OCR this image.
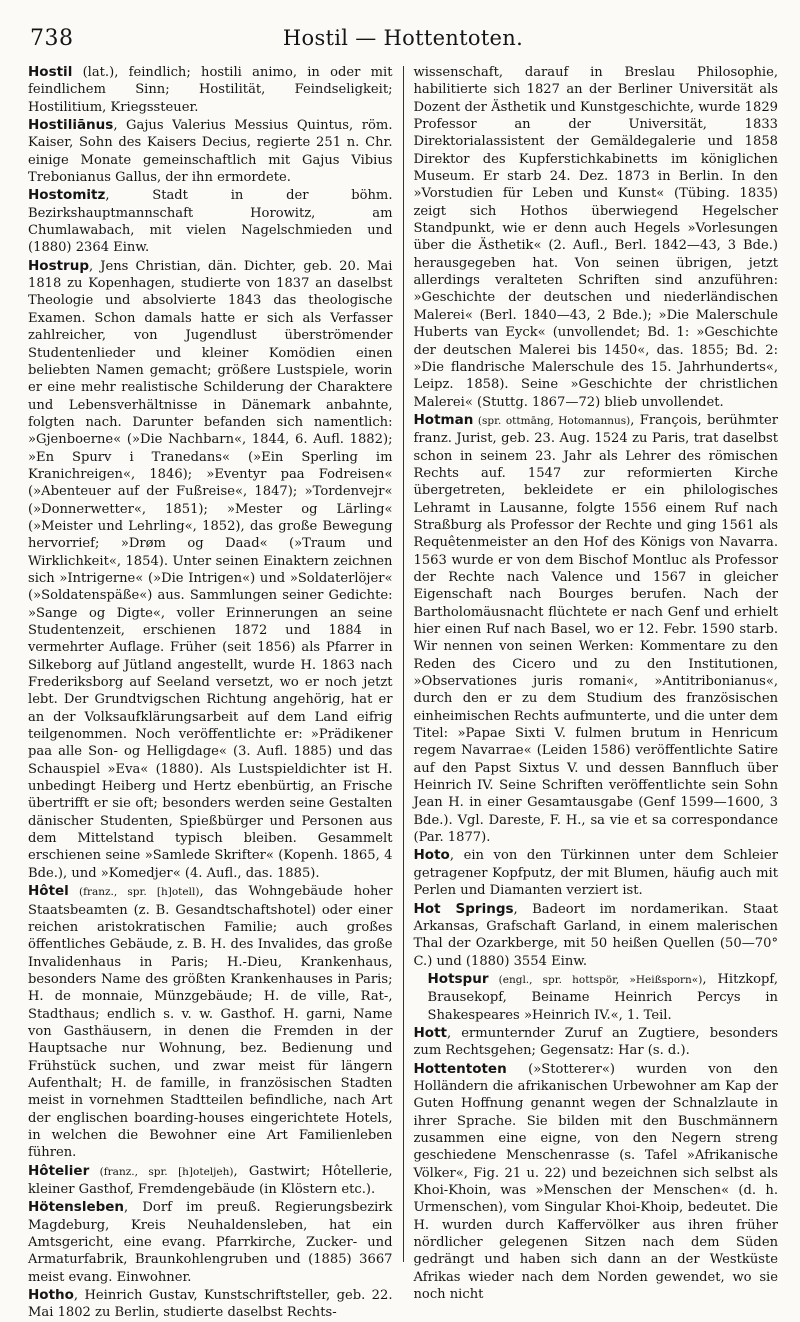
738	Hostil — Hottentoten.

Hostil (lat.), feindlich; hostili animo, in oder mit feindlichem Sinn; Hostilität, Feindseligkeit; Hostilitium, Kriegssteuer.

Hostiliānus, Gajus Valerius Messius Quintus, röm. Kaiser, Sohn des Kaisers Decius, regierte 251 n. Chr. einige Monate gemeinschaftlich mit Gajus Vibius Trebonianus Gallus, der ihn ermordete.

Hostomitz, Stadt in der böhm. Bezirkshauptmannschaft Horowitz, am Chumlawabach, mit vielen Nagelschmieden und (1880) 2364 Einw.

Hostrup, Jens Christian, dän. Dichter, geb. 20. Mai 1818 zu Kopenhagen, studierte von 1837 an daselbst Theologie und absolvierte 1843 das theologische Examen. Schon damals hatte er sich als Verfasser zahlreicher, von Jugendlust überströmender Studentenlieder und kleiner Komödien einen beliebten Namen gemacht; größere Lustspiele, worin er eine mehr realistische Schilderung der Charaktere und Lebensverhältnisse in Dänemark anbahnte, folgten nach. Darunter befanden sich namentlich: »Gjenboerne« (»Die Nachbarn«, 1844, 6. Aufl. 1882); »En Spurv i Tranedans« (»Ein Sperling im Kranichreigen«, 1846); »Eventyr paa Fodreisen« (»Abenteuer auf der Fußreise«, 1847); »Tordenvejr« (»Donnerwetter«, 1851); »Mester og Lärling« (»Meister und Lehrling«, 1852), das große Bewegung hervorrief; »Drøm og Daad« (»Traum und Wirklichkeit«, 1854). Unter seinen Einaktern zeichnen sich »Intrigerne« (»Die Intrigen«) und »Soldaterlöjer« (»Soldatenspäße«) aus. Sammlungen seiner Gedichte: »Sange og Digte«, voller Erinnerungen an seine Studentenzeit, erschienen 1872 und 1884 in vermehrter Auflage. Früher (seit 1856) als Pfarrer in Silkeborg auf Jütland angestellt, wurde H. 1863 nach Frederiksborg auf Seeland versetzt, wo er noch jetzt lebt. Der Grundtvigschen Richtung angehörig, hat er an der Volksaufklärungsarbeit auf dem Land eifrig teilgenommen. Noch veröffentlichte er: »Prädikener paa alle Son- og Helligdage« (3. Aufl. 1885) und das Schauspiel »Eva« (1880). Als Lustspieldichter ist H. unbedingt Heiberg und Hertz ebenbürtig, an Frische übertrifft er sie oft; besonders werden seine Gestalten dänischer Studenten, Spießbürger und Personen aus dem Mittelstand typisch bleiben. Gesammelt erschienen seine »Samlede Skrifter« (Kopenh. 1865, 4 Bde.), und »Komedjer« (4. Aufl., das. 1885).

Hôtel (franz., spr. [h]otell), das Wohngebäude hoher Staatsbeamten (z. B. Gesandtschaftshotel) oder einer reichen aristokratischen Familie; auch großes öffentliches Gebäude, z. B. H. des Invalides, das große Invalidenhaus in Paris; H.-Dieu, Krankenhaus, besonders Name des größten Krankenhauses in Paris; H. de monnaie, Münzgebäude; H. de ville, Rat-, Stadthaus; endlich s. v. w. Gasthof. H. garni, Name von Gasthäusern, in denen die Fremden in der Hauptsache nur Wohnung, bez. Bedienung und Frühstück suchen, und zwar meist für längern Aufenthalt; H. de famille, in französischen Stadten meist in vornehmen Stadtteilen befindliche, nach Art der englischen boarding-houses eingerichtete Hotels, in welchen die Bewohner eine Art Familienleben führen.

Hôtelier (franz., spr. [h]oteljeh), Gastwirt; Hôtellerie, kleiner Gasthof, Fremdengebäude (in Klöstern etc.).

Hötensleben, Dorf im preuß. Regierungsbezirk Magdeburg, Kreis Neuhaldensleben, hat ein Amtsgericht, eine evang. Pfarrkirche, Zucker- und Armaturfabrik, Braunkohlengruben und (1885) 3667 meist evang. Einwohner.

Hotho, Heinrich Gustav, Kunstschriftsteller, geb. 22. Mai 1802 zu Berlin, studierte daselbst Rechts-

wissenschaft, darauf in Breslau Philosophie, habilitierte sich 1827 an der Berliner Universität als Dozent der Ästhetik und Kunstgeschichte, wurde 1829 Professor an der Universität, 1833 Direktorialassistent der Gemäldegalerie und 1858 Direktor des Kupferstichkabinetts im königlichen Museum. Er starb 24. Dez. 1873 in Berlin. In den »Vorstudien für Leben und Kunst« (Tübing. 1835) zeigt sich Hothos überwiegend Hegelscher Standpunkt, wie er denn auch Hegels »Vorlesungen über die Ästhetik« (2. Aufl., Berl. 1842—43, 3 Bde.) herausgegeben hat. Von seinen übrigen, jetzt allerdings veralteten Schriften sind anzuführen: »Geschichte der deutschen und niederländischen Malerei« (Berl. 1840—43, 2 Bde.); »Die Malerschule Huberts van Eyck« (unvollendet; Bd. 1: »Geschichte der deutschen Malerei bis 1450«, das. 1855; Bd. 2: »Die flandrische Malerschule des 15. Jahrhunderts«, Leipz. 1858). Seine »Geschichte der christlichen Malerei« (Stuttg. 1867—72) blieb unvollendet.

Hotman (spr. ottmāng, Hotomannus), François, berühmter franz. Jurist, geb. 23. Aug. 1524 zu Paris, trat daselbst schon in seinem 23. Jahr als Lehrer des römischen Rechts auf. 1547 zur reformierten Kirche übergetreten, bekleidete er ein philologisches Lehramt in Lausanne, folgte 1556 einem Ruf nach Straßburg als Professor der Rechte und ging 1561 als Requêtenmeister an den Hof des Königs von Navarra. 1563 wurde er von dem Bischof Montluc als Professor der Rechte nach Valence und 1567 in gleicher Eigenschaft nach Bourges berufen. Nach der Bartholomäusnacht flüchtete er nach Genf und erhielt hier einen Ruf nach Basel, wo er 12. Febr. 1590 starb. Wir nennen von seinen Werken: Kommentare zu den Reden des Cicero und zu den Institutionen, »Observationes juris romani«, »Antitribonianus«, durch den er zu dem Studium des französischen einheimischen Rechts aufmunterte, und die unter dem Titel: »Papae Sixti V. fulmen brutum in Henricum regem Navarrae« (Leiden 1586) veröffentlichte Satire auf den Papst Sixtus V. und dessen Bannfluch über Heinrich IV. Seine Schriften veröffentlichte sein Sohn Jean H. in einer Gesamtausgabe (Genf 1599—1600, 3 Bde.). Vgl. Dareste, F. H., sa vie et sa correspondance (Par. 1877).

Hoto, ein von den Türkinnen unter dem Schleier getragener Kopfputz, der mit Blumen, häufig auch mit Perlen und Diamanten verziert ist.

Hot Springs, Badeort im nordamerikan. Staat Arkansas, Grafschaft Garland, in einem malerischen Thal der Ozarkberge, mit 50 heißen Quellen (50—70° C.) und (1880) 3554 Einw.

Hotspur (engl., spr. hottspör, »Heißsporn«), Hitzkopf, Brausekopf, Beiname Heinrich Percys in Shakespeares »Heinrich IV.«, 1. Teil.

Hott, ermunternder Zuruf an Zugtiere, besonders zum Rechtsgehen; Gegensatz: Har (s. d.).

Hottentoten (»Stotterer«) wurden von den Holländern die afrikanischen Urbewohner am Kap der Guten Hoffnung genannt wegen der Schnalzlaute in ihrer Sprache. Sie bilden mit den Buschmännern zusammen eine eigne, von den Negern streng geschiedene Menschenrasse (s. Tafel »Afrikanische Völker«, Fig. 21 u. 22) und bezeichnen sich selbst als Khoi-Khoin, was »Menschen der Menschen« (d. h. Urmenschen), vom Singular Khoi-Khoip, bedeutet. Die H. wurden durch Kaffervölker aus ihren früher nördlicher gelegenen Sitzen nach dem Süden gedrängt und haben sich dann an der Westküste Afrikas wieder nach dem Norden gewendet, wo sie noch nicht
